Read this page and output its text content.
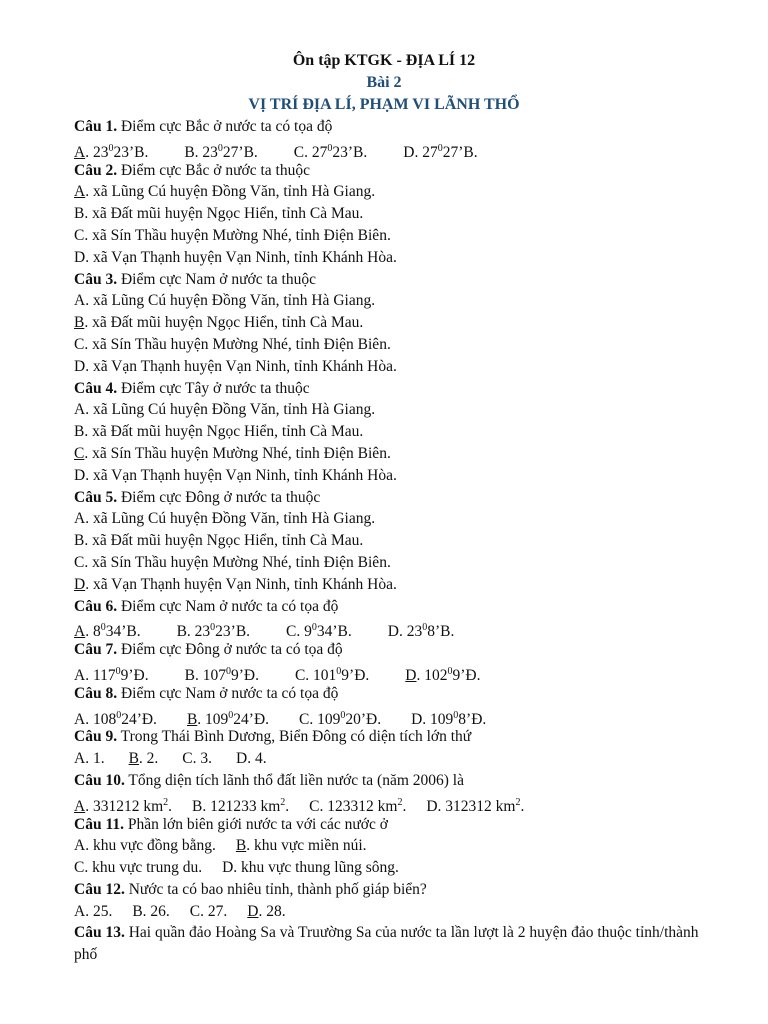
Ôn tập KTGK - ĐỊA LÍ 12
Bài 2
VỊ TRÍ ĐỊA LÍ, PHẠM VI LÃNH THỔ
Câu 1. Điểm cực Bắc ở nước ta có tọa độ
A. $23^023’B$. B. $23^027’B$. C. $27^023’B$. D. $27^027’B$.
Câu 2. Điểm cực Bắc ở nước ta thuộc
A. xã Lũng Cú huyện Đồng Văn, tỉnh Hà Giang.
B. xã Đất mũi huyện Ngọc Hiển, tỉnh Cà Mau.
C. xã Sín Thầu huyện Mường Nhé, tỉnh Điện Biên.
D. xã Vạn Thạnh huyện Vạn Ninh, tỉnh Khánh Hòa.
Câu 3. Điểm cực Nam ở nước ta thuộc
A. xã Lũng Cú huyện Đồng Văn, tỉnh Hà Giang.
B. xã Đất mũi huyện Ngọc Hiển, tỉnh Cà Mau.
C. xã Sín Thầu huyện Mường Nhé, tỉnh Điện Biên.
D. xã Vạn Thạnh huyện Vạn Ninh, tỉnh Khánh Hòa.
Câu 4. Điểm cực Tây ở nước ta thuộc
A. xã Lũng Cú huyện Đồng Văn, tỉnh Hà Giang.
B. xã Đất mũi huyện Ngọc Hiển, tỉnh Cà Mau.
C. xã Sín Thầu huyện Mường Nhé, tỉnh Điện Biên.
D. xã Vạn Thạnh huyện Vạn Ninh, tỉnh Khánh Hòa.
Câu 5. Điểm cực Đông ở nước ta thuộc
A. xã Lũng Cú huyện Đồng Văn, tỉnh Hà Giang.
B. xã Đất mũi huyện Ngọc Hiển, tỉnh Cà Mau.
C. xã Sín Thầu huyện Mường Nhé, tỉnh Điện Biên.
D. xã Vạn Thạnh huyện Vạn Ninh, tỉnh Khánh Hòa.
Câu 6. Điểm cực Nam ở nước ta có tọa độ
A. $8^034’B$. B. $23^023’B$. C. $9^034’B$. D. $23^08’B$.
Câu 7. Điểm cực Đông ở nước ta có tọa độ
A. $117^09’Đ$. B. $107^09’Đ$. C. $101^09’Đ$. D. $102^09’Đ$.
Câu 8. Điểm cực Nam ở nước ta có tọa độ
A. $108^024’Đ$. B. $109^024’Đ$. C. $109^020’Đ$. D. $109^08’Đ$.
Câu 9. Trong Thái Bình Dương, Biển Đông có diện tích lớn thứ
A. 1. B. 2. C. 3. D. 4.
Câu 10. Tổng diện tích lãnh thổ đất liền nước ta (năm 2006) là
A. 331212 $km^2$. B. 121233 $km^2$. C. 123312 $km^2$. D. 312312 $km^2$.
Câu 11. Phần lớn biên giới nước ta với các nước ở
A. khu vực đồng bằng. B. khu vực miền núi.
C. khu vực trung du. D. khu vực thung lũng sông.
Câu 12. Nước ta có bao nhiêu tỉnh, thành phố giáp biển?
A. 25. B. 26. C. 27. D. 28.
Câu 13. Hai quần đảo Hoàng Sa và Truường Sa của nước ta lần lượt là 2 huyện đảo thuộc tỉnh/thành phố
